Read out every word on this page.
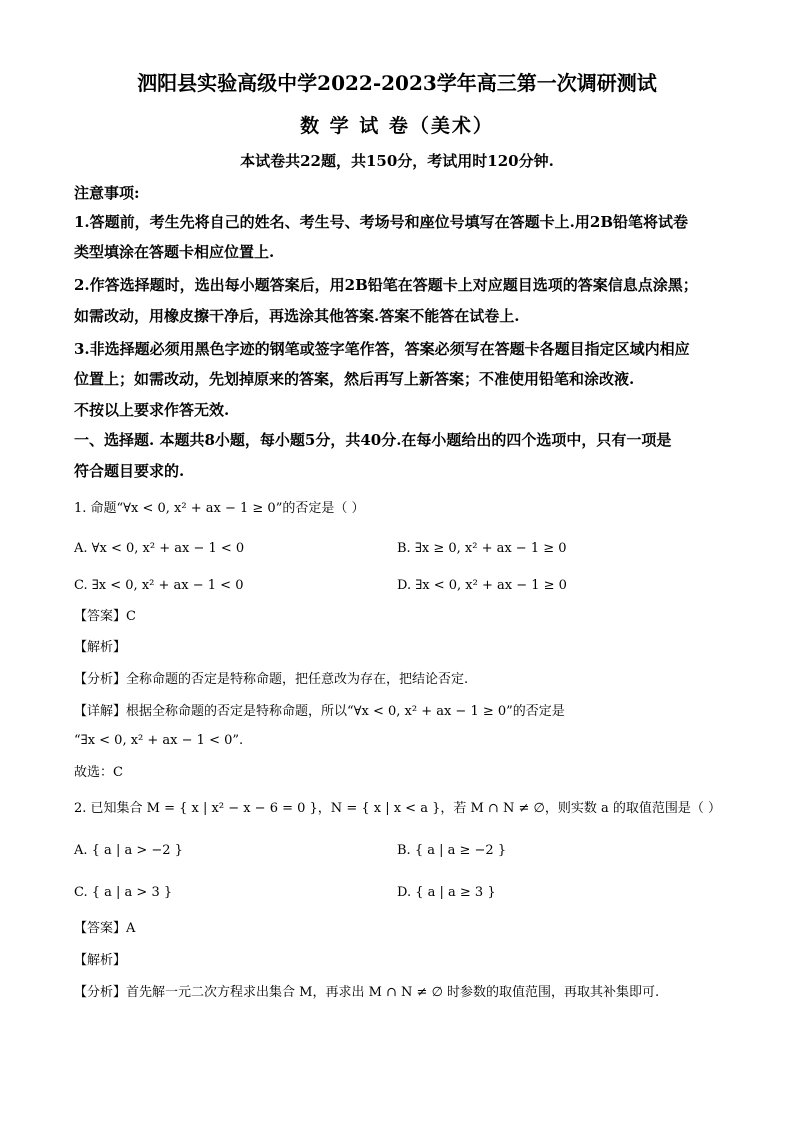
泗阳县实验高级中学2022-2023学年高三第一次调研测试
数 学 试 卷（美术）
本试卷共22题，共150分，考试用时120分钟.
注意事项:
1.答题前，考生先将自己的姓名、考生号、考场号和座位号填写在答题卡上.用2B铅笔将试卷
类型填涂在答题卡相应位置上.
2.作答选择题时，选出每小题答案后，用2B铅笔在答题卡上对应题目选项的答案信息点涂黑；
如需改动，用橡皮擦干净后，再选涂其他答案.答案不能答在试卷上.
3.非选择题必须用黑色字迹的钢笔或签字笔作答，答案必须写在答题卡各题目指定区域内相应
位置上；如需改动，先划掉原来的答案，然后再写上新答案；不准使用铅笔和涂改液.
不按以上要求作答无效.
一、选择题. 本题共8小题，每小题5分，共40分.在每小题给出的四个选项中，只有一项是
符合题目要求的.
1. 命题“∀x < 0, x² + ax − 1 ≥ 0”的否定是（ ）
A. ∀x < 0, x² + ax − 1 < 0	B. ∃x ≥ 0, x² + ax − 1 ≥ 0
C. ∃x < 0, x² + ax − 1 < 0	D. ∃x < 0, x² + ax − 1 ≥ 0
【答案】C
【解析】
【分析】全称命题的否定是特称命题，把任意改为存在，把结论否定.
【详解】根据全称命题的否定是特称命题，所以“∀x < 0, x² + ax − 1 ≥ 0”的否定是
“∃x < 0, x² + ax − 1 < 0”.
故选：C
2. 已知集合 M = { x | x² − x − 6 = 0 }，N = { x | x < a }，若 M ∩ N ≠ ∅，则实数 a 的取值范围是（ ）
A. { a | a > −2 }	B. { a | a ≥ −2 }
C. { a | a > 3 }	D. { a | a ≥ 3 }
【答案】A
【解析】
【分析】首先解一元二次方程求出集合 M，再求出 M ∩ N ≠ ∅ 时参数的取值范围，再取其补集即可.
